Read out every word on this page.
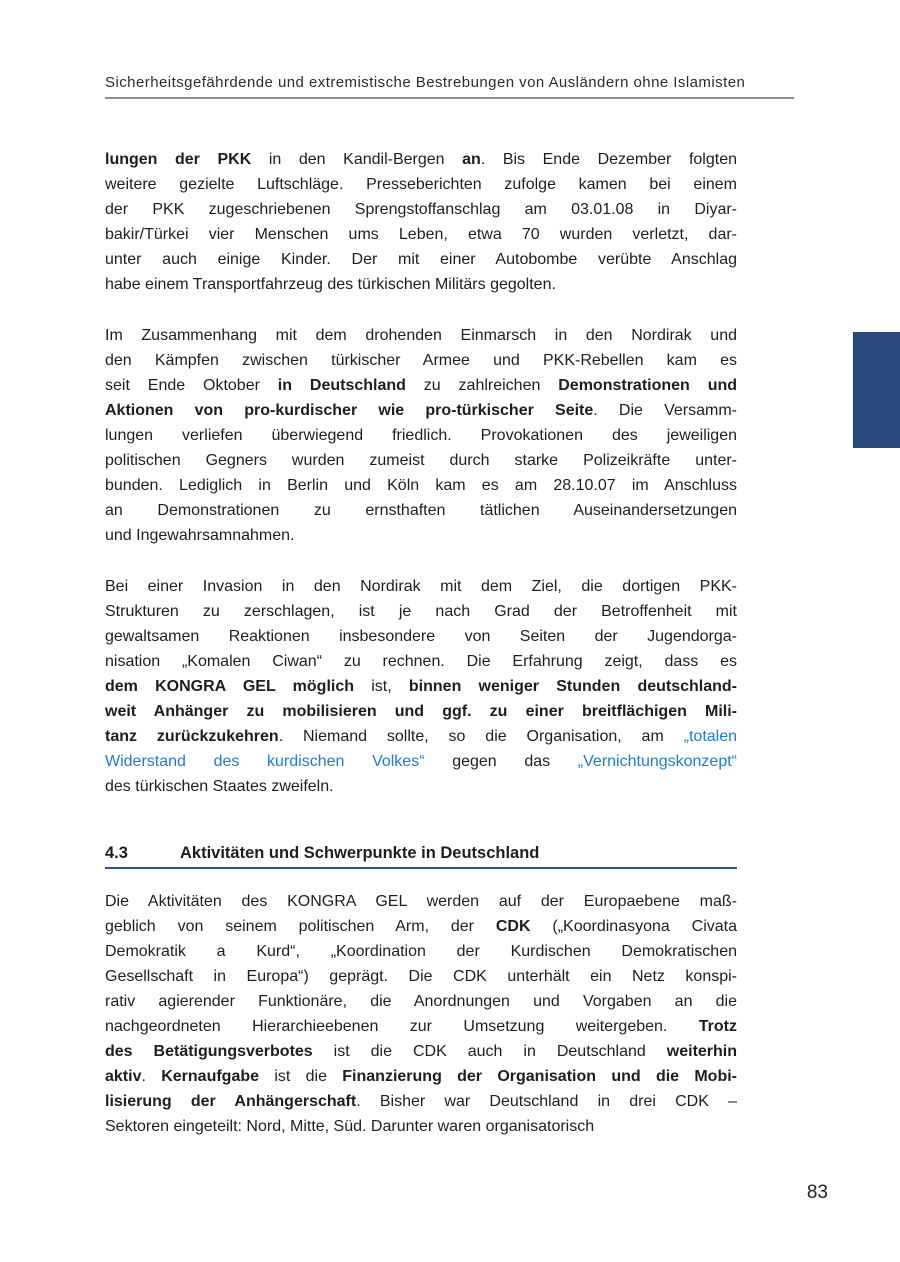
Sicherheitsgefährdende und extremistische Bestrebungen von Ausländern ohne Islamisten
lungen der PKK in den Kandil-Bergen an. Bis Ende Dezember folgten
weitere gezielte Luftschläge. Presseberichten zufolge kamen bei einem
der PKK zugeschriebenen Sprengstoffanschlag am 03.01.08 in Diyar-
bakir/Türkei vier Menschen ums Leben, etwa 70 wurden verletzt, dar-
unter auch einige Kinder. Der mit einer Autobombe verübte Anschlag
habe einem Transportfahrzeug des türkischen Militärs gegolten.
Im Zusammenhang mit dem drohenden Einmarsch in den Nordirak und
den Kämpfen zwischen türkischer Armee und PKK-Rebellen kam es
seit Ende Oktober in Deutschland zu zahlreichen Demonstrationen und
Aktionen von pro-kurdischer wie pro-türkischer Seite. Die Versamm-
lungen verliefen überwiegend friedlich. Provokationen des jeweiligen
politischen Gegners wurden zumeist durch starke Polizeikräfte unter-
bunden. Lediglich in Berlin und Köln kam es am 28.10.07 im Anschluss
an Demonstrationen zu ernsthaften tätlichen Auseinandersetzungen
und Ingewahrsamnahmen.
Bei einer Invasion in den Nordirak mit dem Ziel, die dortigen PKK-
Strukturen zu zerschlagen, ist je nach Grad der Betroffenheit mit
gewaltsamen Reaktionen insbesondere von Seiten der Jugendorga-
nisation „Komalen Ciwan“ zu rechnen. Die Erfahrung zeigt, dass es
dem KONGRA GEL möglich ist, binnen weniger Stunden deutschland-
weit Anhänger zu mobilisieren und ggf. zu einer breitflächigen Mili-
tanz zurückzukehren. Niemand sollte, so die Organisation, am „totalen
Widerstand des kurdischen Volkes“ gegen das „Vernichtungskonzept“
des türkischen Staates zweifeln.
4.3	Aktivitäten und Schwerpunkte in Deutschland
Die Aktivitäten des KONGRA GEL werden auf der Europaebene maß-
geblich von seinem politischen Arm, der CDK („Koordinasyona Civata
Demokratik a Kurd“, „Koordination der Kurdischen Demokratischen
Gesellschaft in Europa“) geprägt. Die CDK unterhält ein Netz konspi-
rativ agierender Funktionäre, die Anordnungen und Vorgaben an die
nachgeordneten Hierarchieebenen zur Umsetzung weitergeben. Trotz
des Betätigungsverbotes ist die CDK auch in Deutschland weiterhin
aktiv. Kernaufgabe ist die Finanzierung der Organisation und die Mobi-
lisierung der Anhängerschaft. Bisher war Deutschland in drei CDK –
Sektoren eingeteilt: Nord, Mitte, Süd. Darunter waren organisatorisch
83
